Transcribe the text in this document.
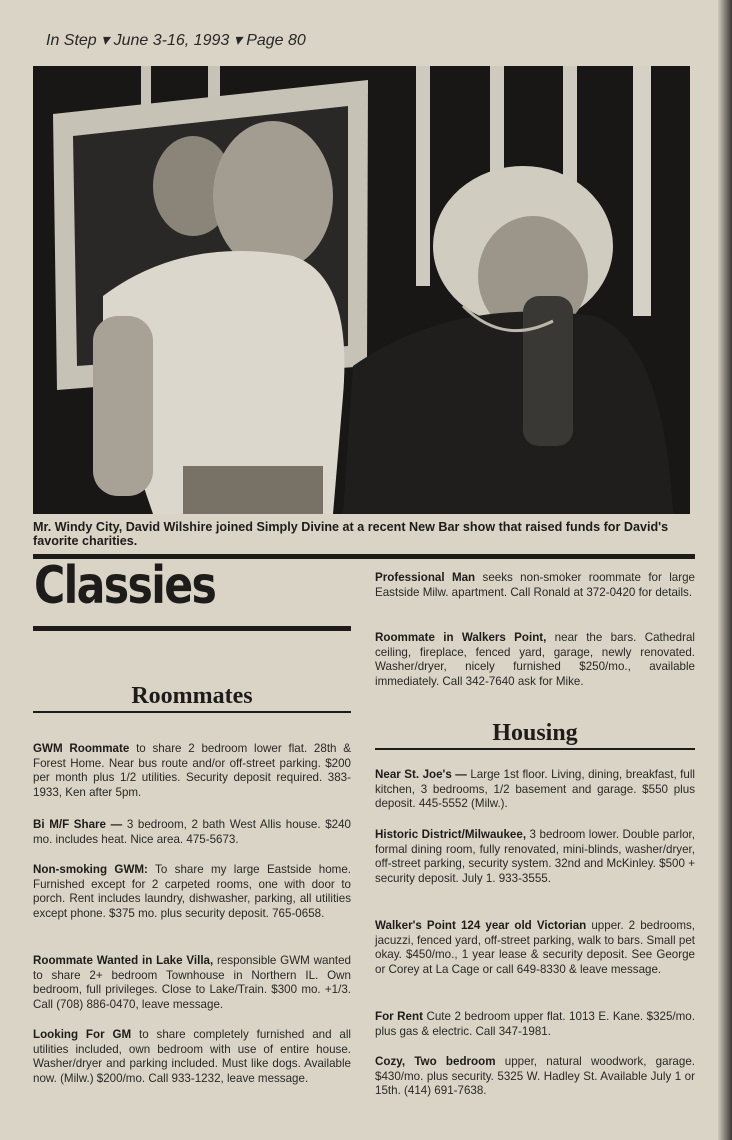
In Step ▾ June 3-16, 1993 ▾ Page 80
Mr. Windy City, David Wilshire joined Simply Divine at a recent New Bar show that raised funds for David's favorite charities.
Classies
Roommates
GWM Roommate to share 2 bedroom lower flat. 28th & Forest Home. Near bus route and/or off-street parking. $200 per month plus 1/2 utilities. Security deposit required. 383-1933, Ken after 5pm.
Bi M/F Share — 3 bedroom, 2 bath West Allis house. $240 mo. includes heat. Nice area. 475-5673.
Non-smoking GWM: To share my large Eastside home. Furnished except for 2 carpeted rooms, one with door to porch. Rent includes laundry, dishwasher, parking, all utilities except phone. $375 mo. plus security deposit. 765-0658.
Roommate Wanted in Lake Villa, responsible GWM wanted to share 2+ bedroom Townhouse in Northern IL. Own bedroom, full privileges. Close to Lake/Train. $300 mo. +1/3. Call (708) 886-0470, leave message.
Looking For GM to share completely furnished and all utilities included, own bedroom with use of entire house. Washer/dryer and parking included. Must like dogs. Available now. (Milw.) $200/mo. Call 933-1232, leave message.
Professional Man seeks non-smoker roommate for large Eastside Milw. apartment. Call Ronald at 372-0420 for details.
Roommate in Walkers Point, near the bars. Cathedral ceiling, fireplace, fenced yard, garage, newly renovated. Washer/dryer, nicely furnished $250/mo., available immediately. Call 342-7640 ask for Mike.
Housing
Near St. Joe's — Large 1st floor. Living, dining, breakfast, full kitchen, 3 bedrooms, 1/2 basement and garage. $550 plus deposit. 445-5552 (Milw.).
Historic District/Milwaukee, 3 bedroom lower. Double parlor, formal dining room, fully renovated, mini-blinds, washer/dryer, off-street parking, security system. 32nd and McKinley. $500 + security deposit. July 1. 933-3555.
Walker's Point 124 year old Victorian upper. 2 bedrooms, jacuzzi, fenced yard, off-street parking, walk to bars. Small pet okay. $450/mo., 1 year lease & security deposit. See George or Corey at La Cage or call 649-8330 & leave message.
For Rent Cute 2 bedroom upper flat. 1013 E. Kane. $325/mo. plus gas & electric. Call 347-1981.
Cozy, Two bedroom upper, natural woodwork, garage. $430/mo. plus security. 5325 W. Hadley St. Available July 1 or 15th. (414) 691-7638.
